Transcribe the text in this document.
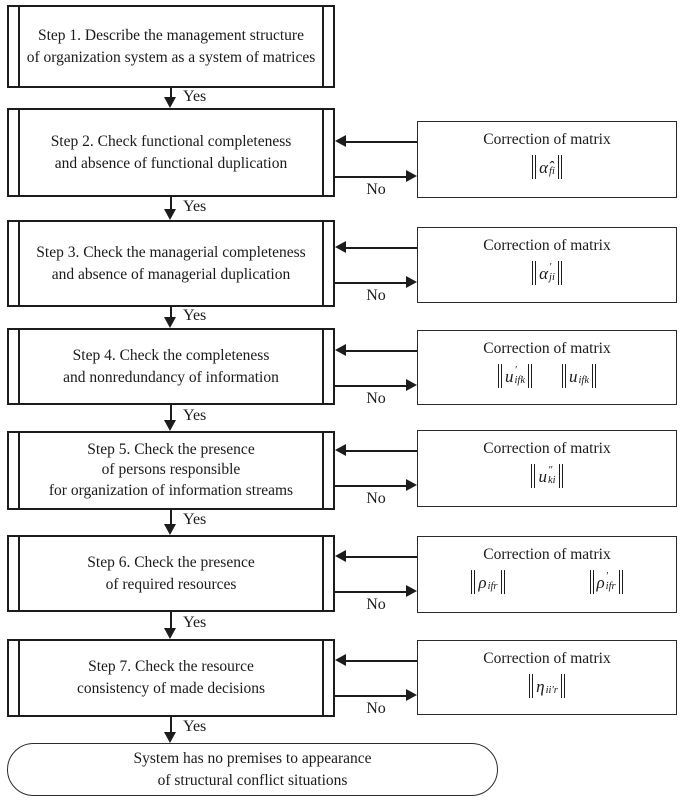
Step 1. Describe the management structure
of organization system as a system of matrices
Step 2. Check functional completeness
and absence of functional duplication
Step 3. Check the managerial completeness
and absence of managerial duplication
Step 4. Check the completeness
and nonredundancy of information
Step 5. Check the presence
of persons responsible
for organization of information streams
Step 6. Check the presence
of required resources
Step 7. Check the resource
consistency of made decisions
System has no premises to appearance
of structural conflict situations
Correction of matrix
α̂ fi
Correction of matrix
α ′
ji
Correction of matrix
u ′
ifk	u ifk
Correction of matrix
u ″
ki
Correction of matrix
ρ ifr	ρ ′
ifr
Correction of matrix
η ii′r
Yes
Yes
Yes
Yes
Yes
Yes
Yes
No
No
No
No
No
No
